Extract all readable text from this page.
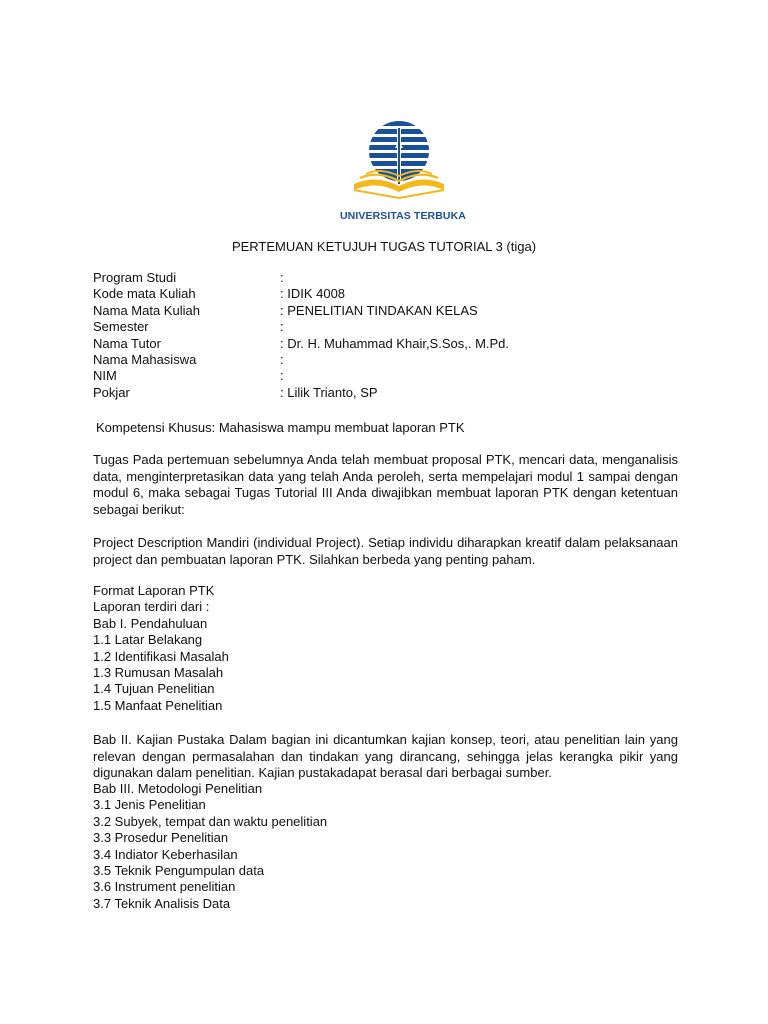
UNIVERSITAS TERBUKA
PERTEMUAN KETUJUH TUGAS TUTORIAL 3 (tiga)
Program Studi	:
Kode mata Kuliah	: IDIK 4008
Nama Mata Kuliah	: PENELITIAN TINDAKAN KELAS
Semester	:
Nama Tutor	: Dr. H. Muhammad Khair,S.Sos,. M.Pd.
Nama Mahasiswa	:
NIM	:
Pokjar	: Lilik Trianto, SP
Kompetensi Khusus: Mahasiswa mampu membuat laporan PTK
Tugas Pada pertemuan sebelumnya Anda telah membuat proposal PTK, mencari data, menganalisis data, menginterpretasikan data yang telah Anda peroleh, serta mempelajari modul 1 sampai dengan modul 6, maka sebagai Tugas Tutorial III Anda diwajibkan membuat laporan PTK dengan ketentuan sebagai berikut:
Project Description Mandiri (individual Project). Setiap individu diharapkan kreatif dalam pelaksanaan project dan pembuatan laporan PTK. Silahkan berbeda yang penting paham.
Format Laporan PTK
Laporan terdiri dari :
Bab I. Pendahuluan
1.1 Latar Belakang
1.2 Identifikasi Masalah
1.3 Rumusan Masalah
1.4 Tujuan Penelitian
1.5 Manfaat Penelitian
Bab II. Kajian Pustaka Dalam bagian ini dicantumkan kajian konsep, teori, atau penelitian lain yang relevan dengan permasalahan dan tindakan yang dirancang, sehingga jelas kerangka pikir yang digunakan dalam penelitian. Kajian pustakadapat berasal dari berbagai sumber.
Bab III. Metodologi Penelitian
3.1 Jenis Penelitian
3.2 Subyek, tempat dan waktu penelitian
3.3 Prosedur Penelitian
3.4 Indiator Keberhasilan
3.5 Teknik Pengumpulan data
3.6 Instrument penelitian
3.7 Teknik Analisis Data
